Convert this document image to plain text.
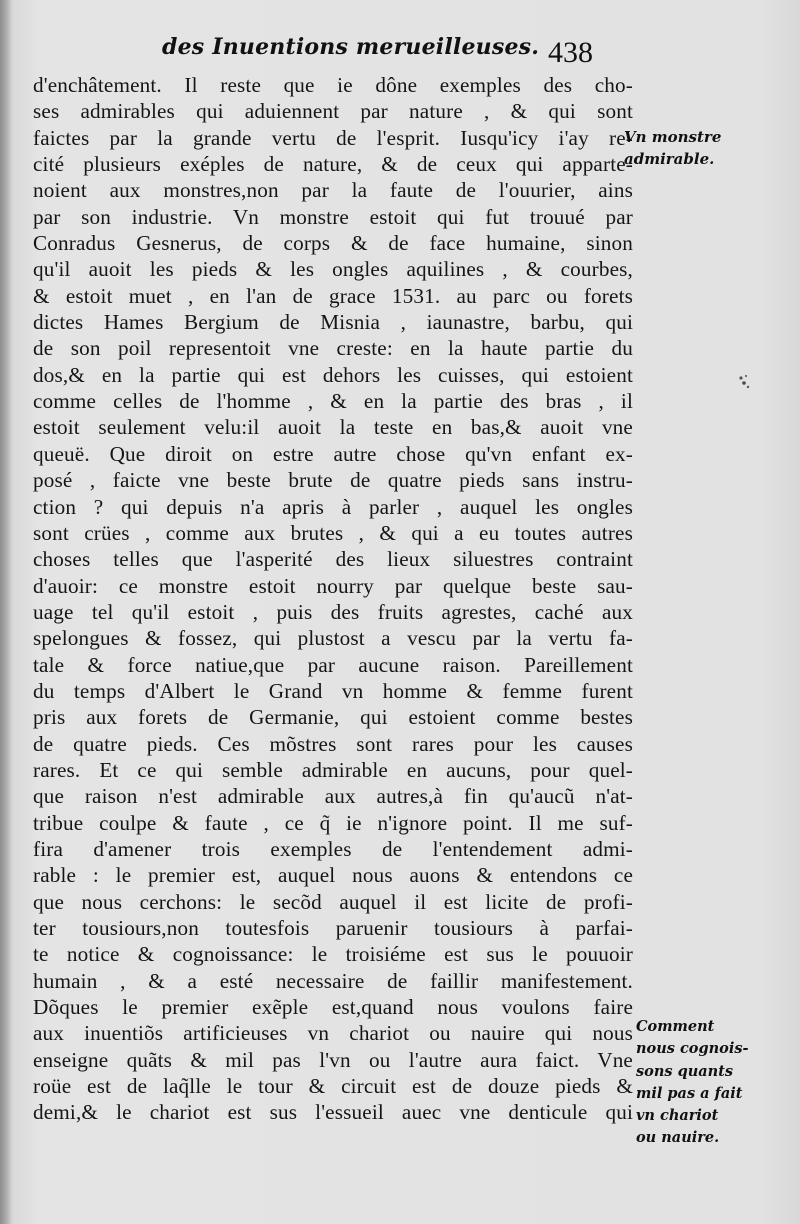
des Inuentions merueilleuses. 438
d'enchâtement. Il reste que ie dône exemples des cho-
ses admirables qui aduiennent par nature , & qui sont
faictes par la grande vertu de l'esprit. Iusqu'icy i'ay re-
cité plusieurs exéples de nature, & de ceux qui apparte-
noient aux monstres,non par la faute de l'ouurier, ains
par son industrie. Vn monstre estoit qui fut trouué par
Conradus Gesnerus, de corps & de face humaine, sinon
qu'il auoit les pieds & les ongles aquilines , & courbes,
& estoit muet , en l'an de grace 1531. au parc ou forets
dictes Hames Bergium de Misnia , iaunastre, barbu, qui
de son poil representoit vne creste: en la haute partie du
dos,& en la partie qui est dehors les cuisses, qui estoient
comme celles de l'homme , & en la partie des bras , il
estoit seulement velu:il auoit la teste en bas,& auoit vne
queuë. Que diroit on estre autre chose qu'vn enfant ex-
posé , faicte vne beste brute de quatre pieds sans instru-
ction ? qui depuis n'a apris à parler , auquel les ongles
sont crües , comme aux brutes , & qui a eu toutes autres
choses telles que l'asperité des lieux siluestres contraint
d'auoir: ce monstre estoit nourry par quelque beste sau-
uage tel qu'il estoit , puis des fruits agrestes, caché aux
spelongues & fossez, qui plustost a vescu par la vertu fa-
tale & force natiue,que par aucune raison. Pareillement
du temps d'Albert le Grand vn homme & femme furent
pris aux forets de Germanie, qui estoient comme bestes
de quatre pieds. Ces mõstres sont rares pour les causes
rares. Et ce qui semble admirable en aucuns, pour quel-
que raison n'est admirable aux autres,à fin qu'aucũ n'at-
tribue coulpe & faute , ce q̃ ie n'ignore point. Il me suf-
fira d'amener trois exemples de l'entendement admi-
rable : le premier est, auquel nous auons & entendons ce
que nous cerchons: le secõd auquel il est licite de profi-
ter tousiours,non toutesfois paruenir tousiours à parfai-
te notice & cognoissance: le troisiéme est sus le pouuoir
humain , & a esté necessaire de faillir manifestement.
Dõques le premier exẽple est,quand nous voulons faire
aux inuentiõs artificieuses vn chariot ou nauire qui nous
enseigne quãts & mil pas l'vn ou l'autre aura faict. Vne
roüe est de laq̃lle le tour & circuit est de douze pieds &
demi,& le chariot est sus l'essueil auec vne denticule qui
Vn monstre
admirable.
Comment
nous cognois-
sons quants
mil pas a fait
vn chariot
ou nauire.
